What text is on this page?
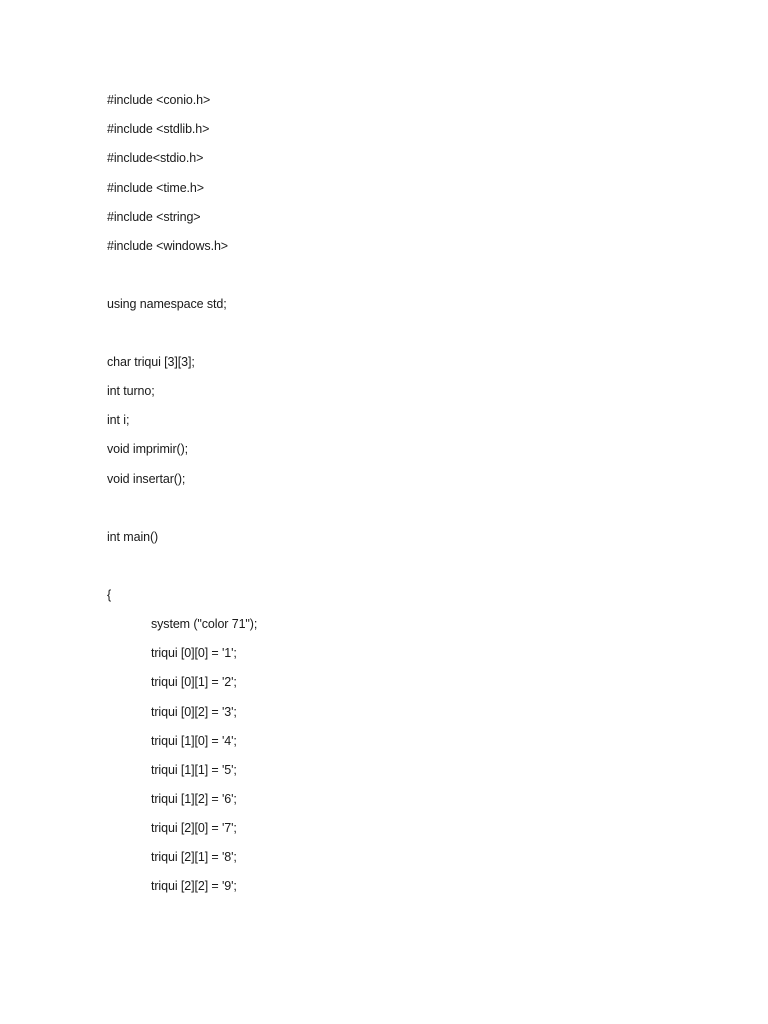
#include <conio.h>
#include <stdlib.h>
#include<stdio.h>
#include <time.h>
#include <string>
#include <windows.h>
using namespace std;
char triqui [3][3];
int turno;
int i;
void imprimir();
void insertar();
int main()
{
system ("color 71");
triqui [0][0] = '1';
triqui [0][1] = '2';
triqui [0][2] = '3';
triqui [1][0] = '4';
triqui [1][1] = '5';
triqui [1][2] = '6';
triqui [2][0] = '7';
triqui [2][1] = '8';
triqui [2][2] = '9';
